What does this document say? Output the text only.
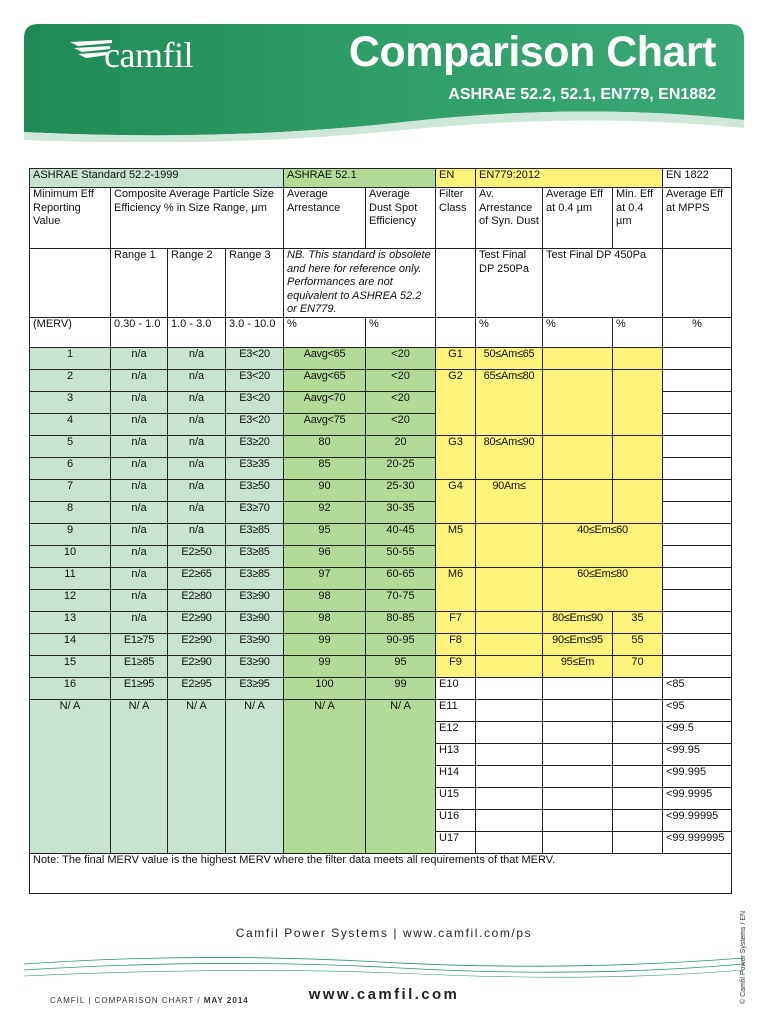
camfil	Comparison Chart
ASHRAE 52.2, 52.1, EN779, EN1882
ASHRAE Standard 52.2-1999				ASHRAE 52.1		EN	EN779:2012			EN 1822
Minimum Eff Reporting Value	Composite Average Particle Size Efficiency % in Size Range, µm			Average Arrestance	Average Dust Spot Efficiency	Filter Class	Av. Arrestance of Syn. Dust	Average Eff at 0.4 µm	Min. Eff at 0.4 µm	Average Eff at MPPS
	Range 1	Range 2	Range 3	NB. This standard is obsolete and here for reference only. Performances are not equivalent to ASHREA 52.2 or EN779.			Test Final DP 250Pa	Test Final DP 450Pa		
(MERV)	0.30 - 1.0	1.0 - 3.0	3.0 - 10.0	%	%		%	%	%	%
1	n/a	n/a	E3<20	Aavg<65	<20	G1	50≤Am≤65			
2	n/a	n/a	E3<20	Aavg<65	<20	G2	65≤Am≤80			
3	n/a	n/a	E3<20	Aavg<70	<20					
4	n/a	n/a	E3<20	Aavg<75	<20					
5	n/a	n/a	E3≥20	80	20	G3	80≤Am≤90			
6	n/a	n/a	E3≥35	85	20-25					
7	n/a	n/a	E3≥50	90	25-30	G4	90Am≤			
8	n/a	n/a	E3≥70	92	30-35					
9	n/a	n/a	E3≥85	95	40-45	M5		40≤Em≤60		
10	n/a	E2≥50	E3≥85	96	50-55					
11	n/a	E2≥65	E3≥85	97	60-65	M6		60≤Em≤80		
12	n/a	E2≥80	E3≥90	98	70-75					
13	n/a	E2≥90	E3≥90	98	80-85	F7		80≤Em≤90	35	
14	E1≥75	E2≥90	E3≥90	99	90-95	F8		90≤Em≤95	55	
15	E1≥85	E2≥90	E3≥90	99	95	F9		95≤Em	70	
16	E1≥95	E2≥95	E3≥95	100	99	E10				<85
N/ A	N/ A	N/ A	N/ A	N/ A	N/ A	E11				<95
						E12				<99.5
						H13				<99.95
						H14				<99.995
						U15				<99.9995
						U16				<99.99995
						U17				<99.999995
Note: The final MERV value is the highest MERV where the filter data meets all requirements of that MERV.										
Camfil Power Systems | www.camfil.com/ps
www.camfil.com
CAMFIL | COMPARISON CHART / MAY 2014	© Camfil Power Systems / EN
